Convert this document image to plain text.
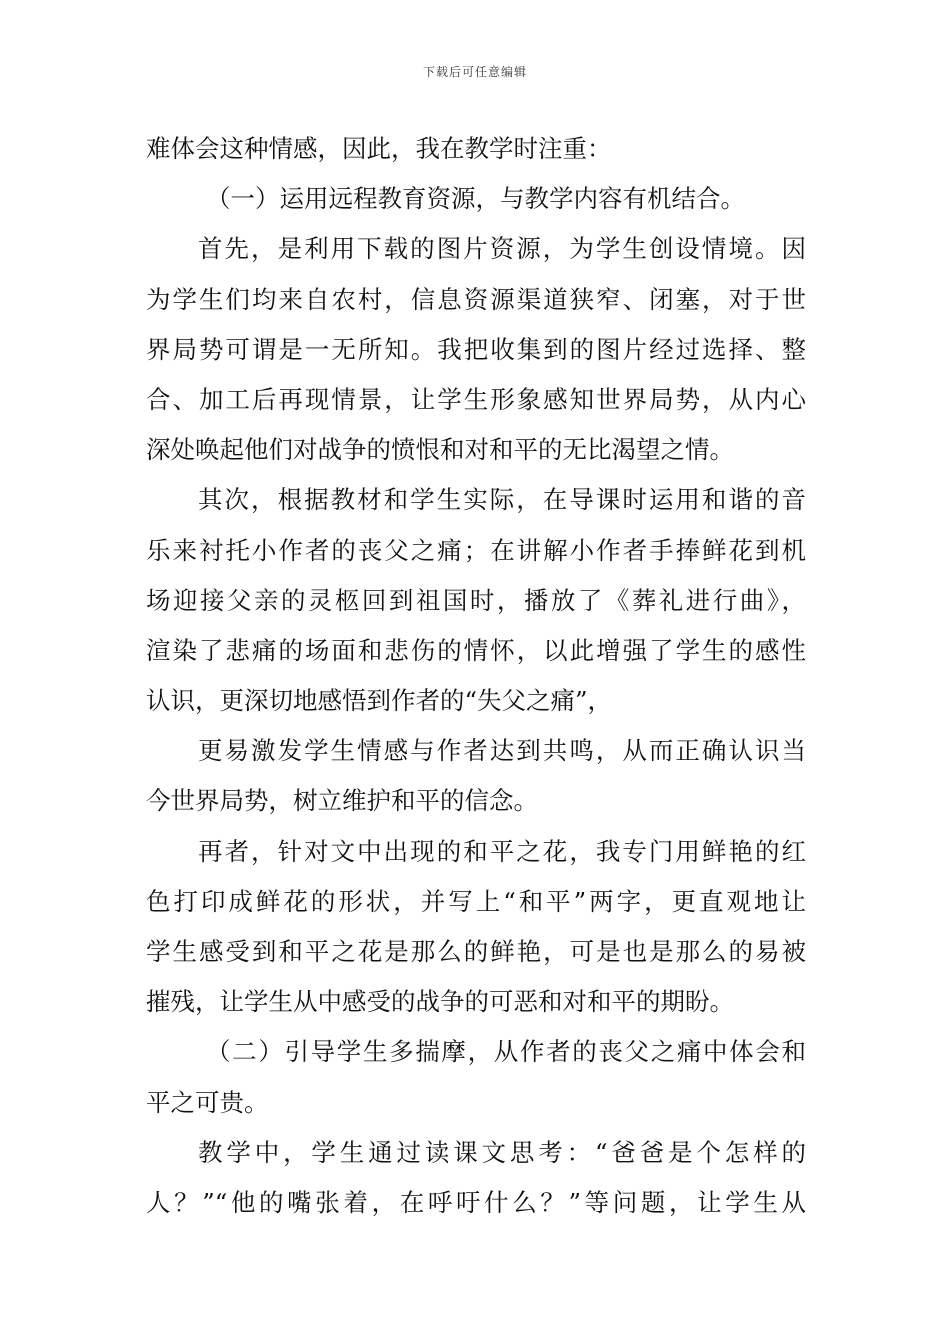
下载后可任意编辑
难体会这种情感，因此，我在教学时注重：
（一）运用远程教育资源，与教学内容有机结合。
首先，是利用下载的图片资源，为学生创设情境。因
为学生们均来自农村，信息资源渠道狭窄、闭塞，对于世
界局势可谓是一无所知。我把收集到的图片经过选择、整
合、加工后再现情景，让学生形象感知世界局势，从内心
深处唤起他们对战争的愤恨和对和平的无比渴望之情。
其次，根据教材和学生实际，在导课时运用和谐的音
乐来衬托小作者的丧父之痛；在讲解小作者手捧鲜花到机
场迎接父亲的灵柩回到祖国时，播放了《葬礼进行曲》，
渲染了悲痛的场面和悲伤的情怀，以此增强了学生的感性
认识，更深切地感悟到作者的“失父之痛”，
更易激发学生情感与作者达到共鸣，从而正确认识当
今世界局势，树立维护和平的信念。
再者，针对文中出现的和平之花，我专门用鲜艳的红
色打印成鲜花的形状，并写上“和平”两字，更直观地让
学生感受到和平之花是那么的鲜艳，可是也是那么的易被
摧残，让学生从中感受的战争的可恶和对和平的期盼。
（二）引导学生多揣摩，从作者的丧父之痛中体会和
平之可贵。
教学中，学生通过读课文思考：“爸爸是个怎样的
人？”“他的嘴张着，在呼吁什么？”等问题，让学生从
